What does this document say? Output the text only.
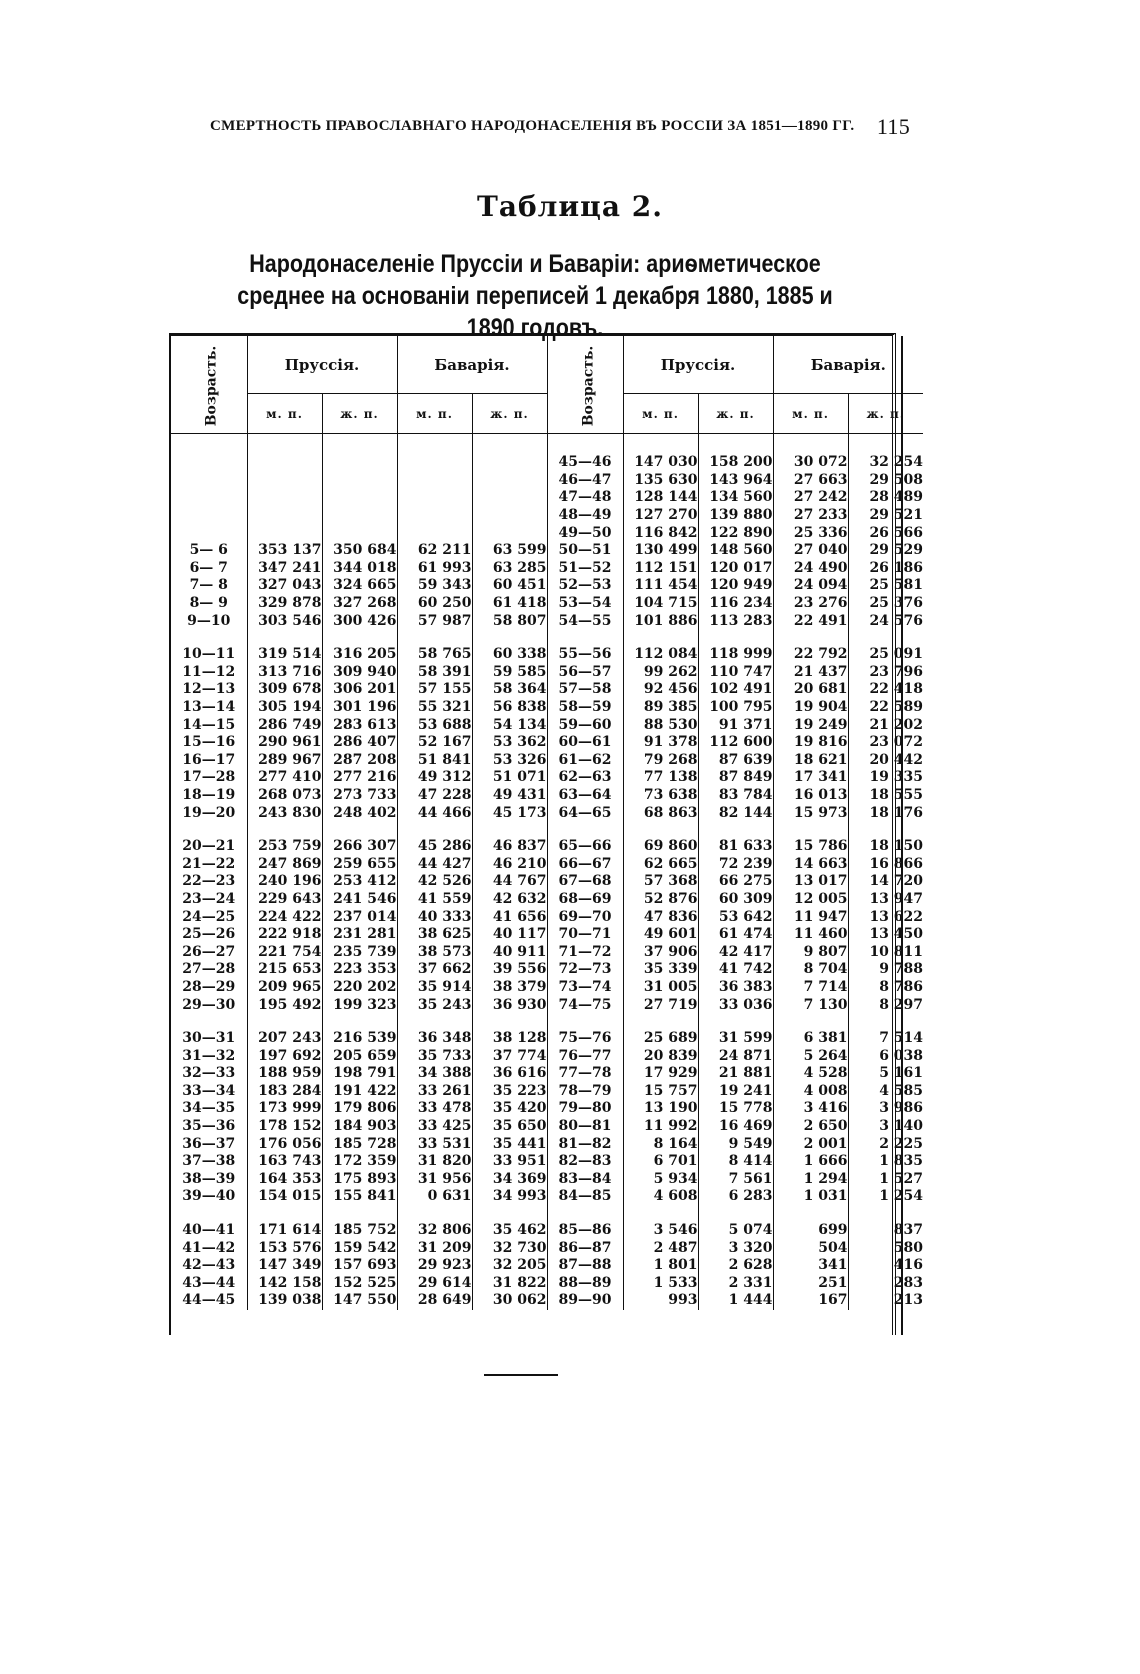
СМЕРТНОСТЬ ПРАВОСЛАВНАГО НАРОДОНАСЕЛЕНІЯ ВЪ РОССІИ ЗА 1851—1890 ГГ. 115
Таблица 2.
Народонаселеніе Пруссіи и Баваріи: ариѳметическое среднее на основаніи переписей 1 декабря 1880, 1885 и 1890 годовъ.
Возрасть.	Пруссія.		Баварія.		Возрасть.	Пруссія.		Баварія.	
	м. п.	ж. п.	м. п.	ж. п.		м. п.	ж. п.	м. п.	ж. п.

					45—46	147 030	158 200	30 072	32 254
					46—47	135 630	143 964	27 663	29 508
					47—48	128 144	134 560	27 242	28 489
					48—49	127 270	139 880	27 233	29 521
					49—50	116 842	122 890	25 336	26 566
5— 6	353 137	350 684	62 211	63 599	50—51	130 499	148 560	27 040	29 529
6— 7	347 241	344 018	61 993	63 285	51—52	112 151	120 017	24 490	26 186
7— 8	327 043	324 665	59 343	60 451	52—53	111 454	120 949	24 094	25 581
8— 9	329 878	327 268	60 250	61 418	53—54	104 715	116 234	23 276	25 376
9—10	303 546	300 426	57 987	58 807	54—55	101 886	113 283	22 491	24 576

10—11	319 514	316 205	58 765	60 338	55—56	112 084	118 999	22 792	25 091
11—12	313 716	309 940	58 391	59 585	56—57	99 262	110 747	21 437	23 796
12—13	309 678	306 201	57 155	58 364	57—58	92 456	102 491	20 681	22 418
13—14	305 194	301 196	55 321	56 838	58—59	89 385	100 795	19 904	22 589
14—15	286 749	283 613	53 688	54 134	59—60	88 530	91 371	19 249	21 202
15—16	290 961	286 407	52 167	53 362	60—61	91 378	112 600	19 816	23 072
16—17	289 967	287 208	51 841	53 326	61—62	79 268	87 639	18 621	20 442
17—28	277 410	277 216	49 312	51 071	62—63	77 138	87 849	17 341	19 335
18—19	268 073	273 733	47 228	49 431	63—64	73 638	83 784	16 013	18 555
19—20	243 830	248 402	44 466	45 173	64—65	68 863	82 144	15 973	18 176

20—21	253 759	266 307	45 286	46 837	65—66	69 860	81 633	15 786	18 150
21—22	247 869	259 655	44 427	46 210	66—67	62 665	72 239	14 663	16 866
22—23	240 196	253 412	42 526	44 767	67—68	57 368	66 275	13 017	14 720
23—24	229 643	241 546	41 559	42 632	68—69	52 876	60 309	12 005	13 947
24—25	224 422	237 014	40 333	41 656	69—70	47 836	53 642	11 947	13 622
25—26	222 918	231 281	38 625	40 117	70—71	49 601	61 474	11 460	13 450
26—27	221 754	235 739	38 573	40 911	71—72	37 906	42 417	9 807	10 811
27—28	215 653	223 353	37 662	39 556	72—73	35 339	41 742	8 704	9 788
28—29	209 965	220 202	35 914	38 379	73—74	31 005	36 383	7 714	8 786
29—30	195 492	199 323	35 243	36 930	74—75	27 719	33 036	7 130	8 297

30—31	207 243	216 539	36 348	38 128	75—76	25 689	31 599	6 381	7 514
31—32	197 692	205 659	35 733	37 774	76—77	20 839	24 871	5 264	6 038
32—33	188 959	198 791	34 388	36 616	77—78	17 929	21 881	4 528	5 161
33—34	183 284	191 422	33 261	35 223	78—79	15 757	19 241	4 008	4 585
34—35	173 999	179 806	33 478	35 420	79—80	13 190	15 778	3 416	3 986
35—36	178 152	184 903	33 425	35 650	80—81	11 992	16 469	2 650	3 140
36—37	176 056	185 728	33 531	35 441	81—82	8 164	9 549	2 001	2 225
37—38	163 743	172 359	31 820	33 951	82—83	6 701	8 414	1 666	1 835
38—39	164 353	175 893	31 956	34 369	83—84	5 934	7 561	1 294	1 527
39—40	154 015	155 841	0 631	34 993	84—85	4 608	6 283	1 031	1 254

40—41	171 614	185 752	32 806	35 462	85—86	3 546	5 074	699	837
41—42	153 576	159 542	31 209	32 730	86—87	2 487	3 320	504	580
42—43	147 349	157 693	29 923	32 205	87—88	1 801	2 628	341	416
43—44	142 158	152 525	29 614	31 822	88—89	1 533	2 331	251	283
44—45	139 038	147 550	28 649	30 062	89—90	993	1 444	167	213
